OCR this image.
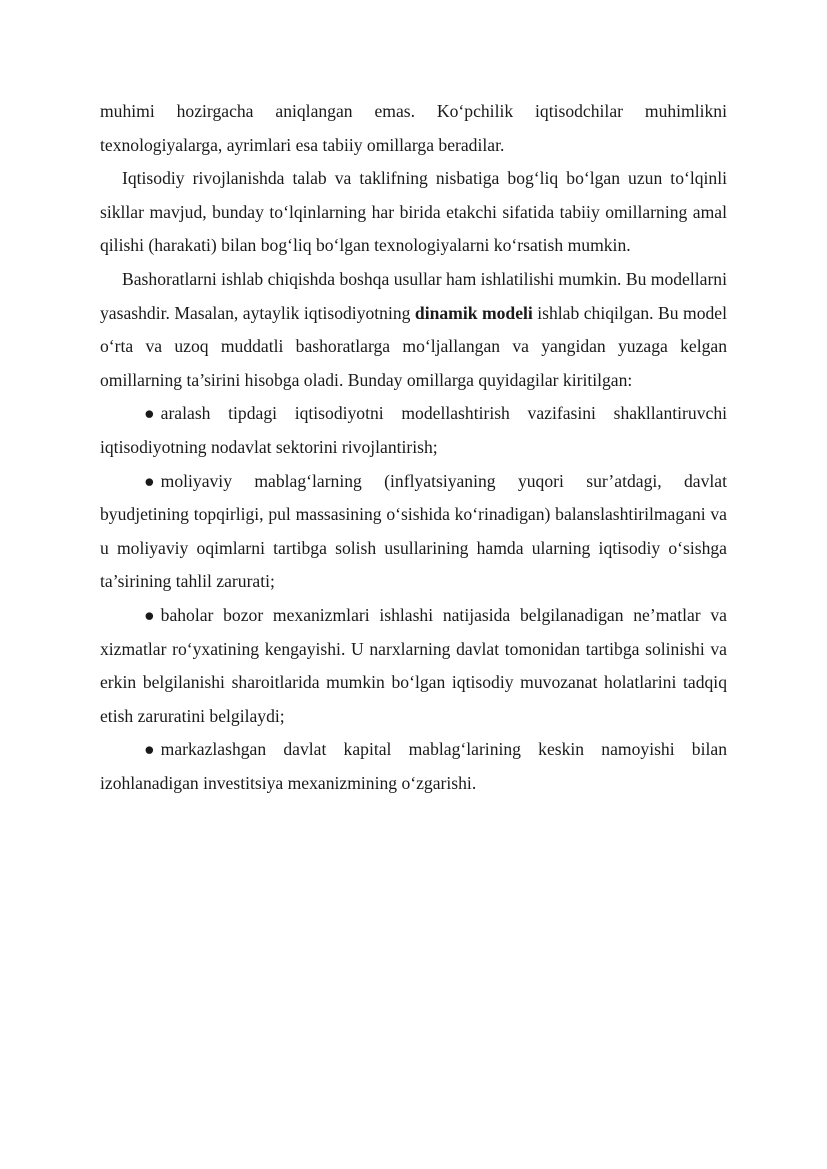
muhimi hozirgacha aniqlangan emas. Ko‘pchilik iqtisodchilar muhimlikni texnologiyalarga, ayrimlari esa tabiiy omillarga beradilar.

Iqtisodiy rivojlanishda talab va taklifning nisbatiga bog‘liq bo‘lgan uzun to‘lqinli sikllar mavjud, bunday to‘lqinlarning har birida etakchi sifatida tabiiy omillarning amal qilishi (harakati) bilan bog‘liq bo‘lgan texnologiyalarni ko‘rsatish mumkin.

Bashoratlarni ishlab chiqishda boshqa usullar ham ishlatilishi mumkin. Bu modellarni yasashdir. Masalan, aytaylik iqtisodiyotning dinamik modeli ishlab chiqilgan. Bu model o‘rta va uzoq muddatli bashoratlarga mo‘ljallangan va yangidan yuzaga kelgan omillarning ta’sirini hisobga oladi. Bunday omillarga quyidagilar kiritilgan:

● aralash tipdagi iqtisodiyotni modellashtirish vazifasini shakllantiruvchi iqtisodiyotning nodavlat sektorini rivojlantirish;

● moliyaviy mablag‘larning (inflyatsiyaning yuqori sur’atdagi, davlat byudjetining topqirligi, pul massasining o‘sishida ko‘rinadigan) balanslashtirilmagani va u moliyaviy oqimlarni tartibga solish usullarining hamda ularning iqtisodiy o‘sishga ta’sirining tahlil zarurati;

● baholar bozor mexanizmlari ishlashi natijasida belgilanadigan ne’matlar va xizmatlar ro‘yxatining kengayishi. U narxlarning davlat tomonidan tartibga solinishi va erkin belgilanishi sharoitlarida mumkin bo‘lgan iqtisodiy muvozanat holatlarini tadqiq etish zaruratini belgilaydi;

● markazlashgan davlat kapital mablag‘larining keskin namoyishi bilan izohlanadigan investitsiya mexanizmining o‘zgarishi.
